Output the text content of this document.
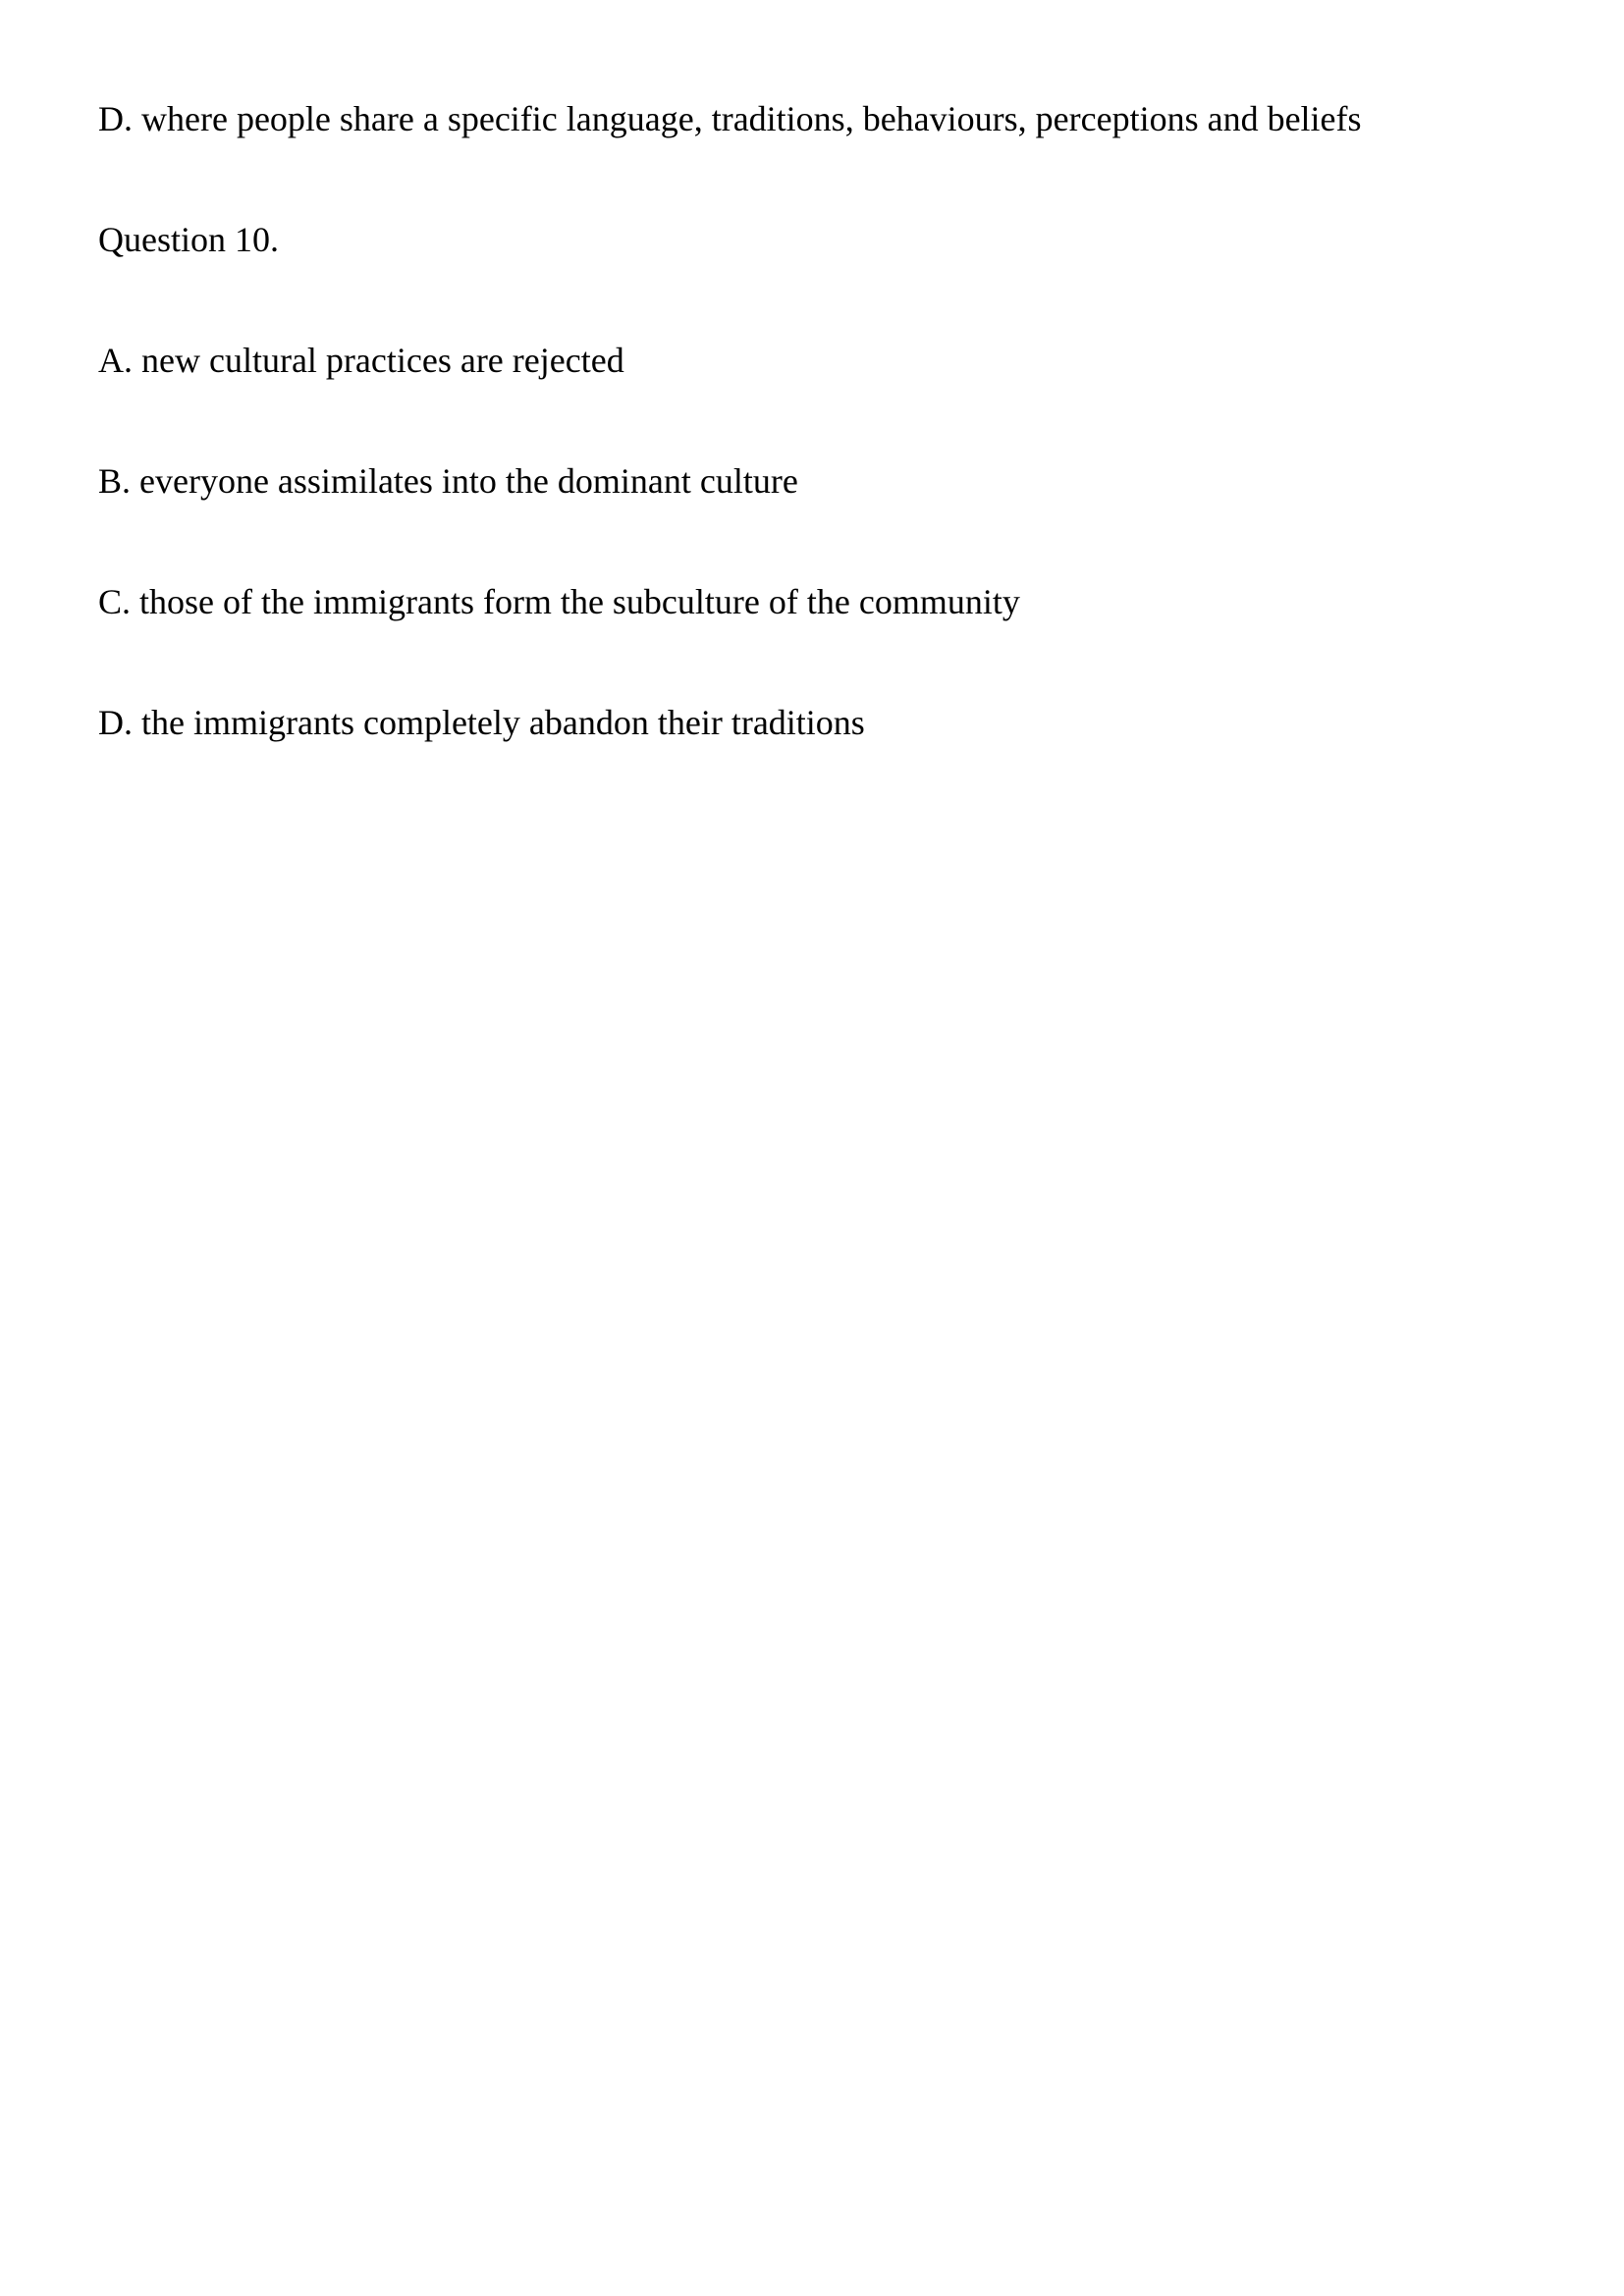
D. where people share a specific language, traditions, behaviours, perceptions and beliefs

Question 10.

A. new cultural practices are rejected

B. everyone assimilates into the dominant culture

C. those of the immigrants form the subculture of the community

D. the immigrants completely abandon their traditions
